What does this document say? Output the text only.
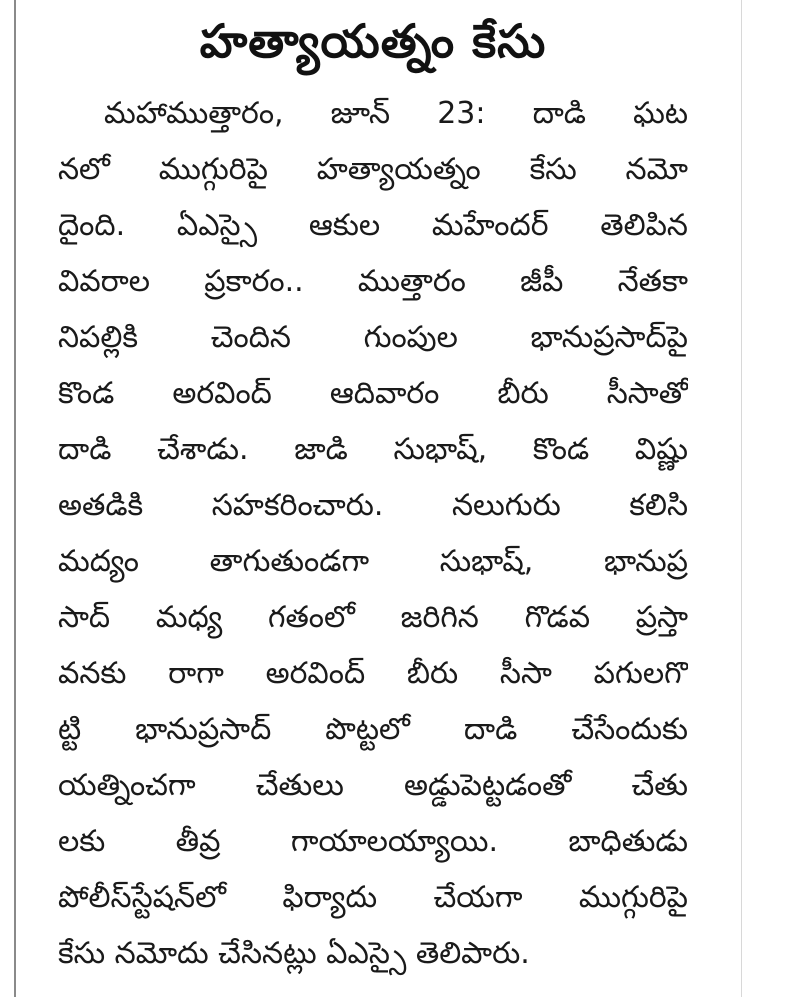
హత్యాయత్నం కేసు
మహాముత్తారం, జూన్ 23: దాడి ఘట
నలో ముగ్గురిపై హత్యాయత్నం కేసు నమో
దైంది. ఏఎస్సై ఆకుల మహేందర్ తెలిపిన
వివరాల ప్రకారం.. ముత్తారం జీపీ నేతకా
నిపల్లికి చెందిన గుంపుల భానుప్రసాద్‌పై
కొండ అరవింద్ ఆదివారం బీరు సీసాతో
దాడి చేశాడు. జాడి సుభాష్, కొండ విష్ణు
అతడికి సహకరించారు. నలుగురు కలిసి
మద్యం తాగుతుండగా సుభాష్, భానుప్ర
సాద్ మధ్య గతంలో జరిగిన గొడవ ప్రస్తా
వనకు రాగా అరవింద్ బీరు సీసా పగులగొ
ట్టి భానుప్రసాద్ పొట్టలో దాడి చేసేందుకు
యత్నించగా చేతులు అడ్డుపెట్టడంతో చేతు
లకు తీవ్ర గాయాలయ్యాయి. బాధితుడు
పోలీస్‌స్టేషన్‌లో ఫిర్యాదు చేయగా ముగ్గురిపై
కేసు నమోదు చేసినట్లు ఏఎస్సై తెలిపారు.
